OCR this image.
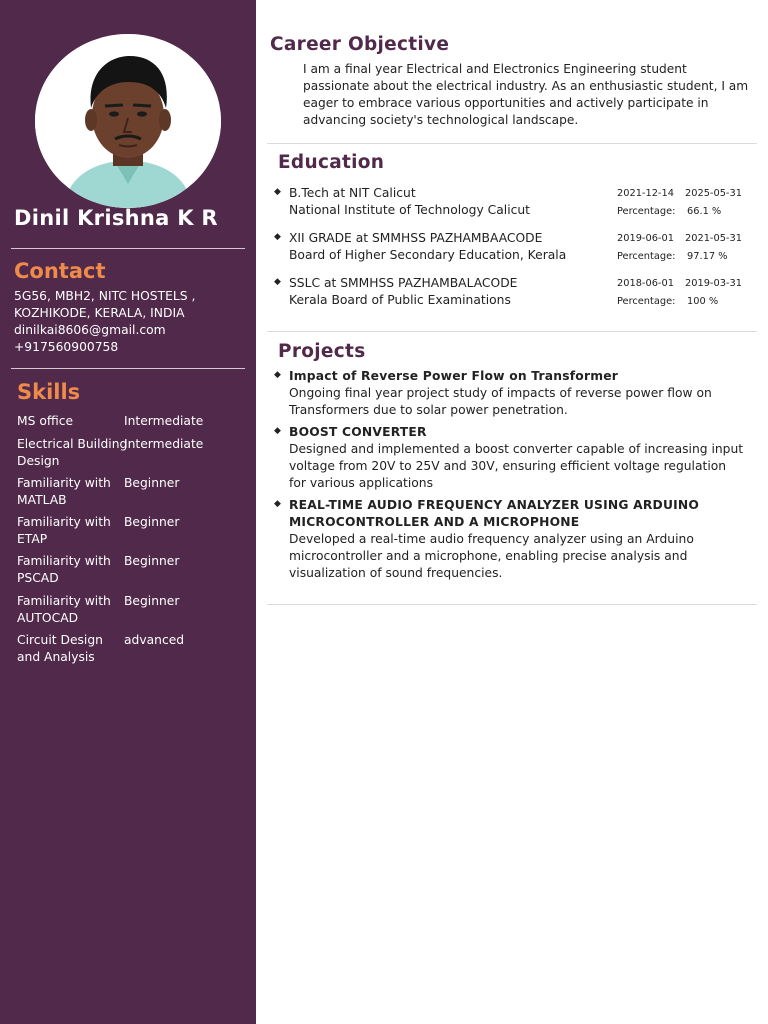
Dinil Krishna K R
Contact
5G56, MBH2, NITC HOSTELS ,
KOZHIKODE, KERALA, INDIA
dinilkai8606@gmail.com
+917560900758
Skills
MS office	Intermediate
Electrical Building Design
Intermediate
Familiarity with MATLAB
Beginner
Familiarity with ETAP
Beginner
Familiarity with PSCAD
Beginner
Familiarity with AUTOCAD
Beginner
Circuit Design and Analysis
advanced
Career Objective
I am a final year Electrical and Electronics Engineering student passionate about the electrical industry. As an enthusiastic student, I am eager to embrace various opportunities and actively participate in advancing society's technological landscape.
Education
◆ B.Tech at NIT Calicut
National Institute of Technology Calicut
2021-12-14 2025-05-31
Percentage: 66.1 %
◆ XII GRADE at SMMHSS PAZHAMBAACODE
Board of Higher Secondary Education, Kerala
2019-06-01 2021-05-31
Percentage: 97.17 %
◆ SSLC at SMMHSS PAZHAMBALACODE
Kerala Board of Public Examinations
2018-06-01 2019-03-31
Percentage: 100 %
Projects
◆ Impact of Reverse Power Flow on Transformer
Ongoing final year project study of impacts of reverse power flow on Transformers due to solar power penetration.
◆ BOOST CONVERTER
Designed and implemented a boost converter capable of increasing input voltage from 20V to 25V and 30V, ensuring efficient voltage regulation for various applications
◆ REAL-TIME AUDIO FREQUENCY ANALYZER USING ARDUINO MICROCONTROLLER AND A MICROPHONE
Developed a real-time audio frequency analyzer using an Arduino microcontroller and a microphone, enabling precise analysis and visualization of sound frequencies.
